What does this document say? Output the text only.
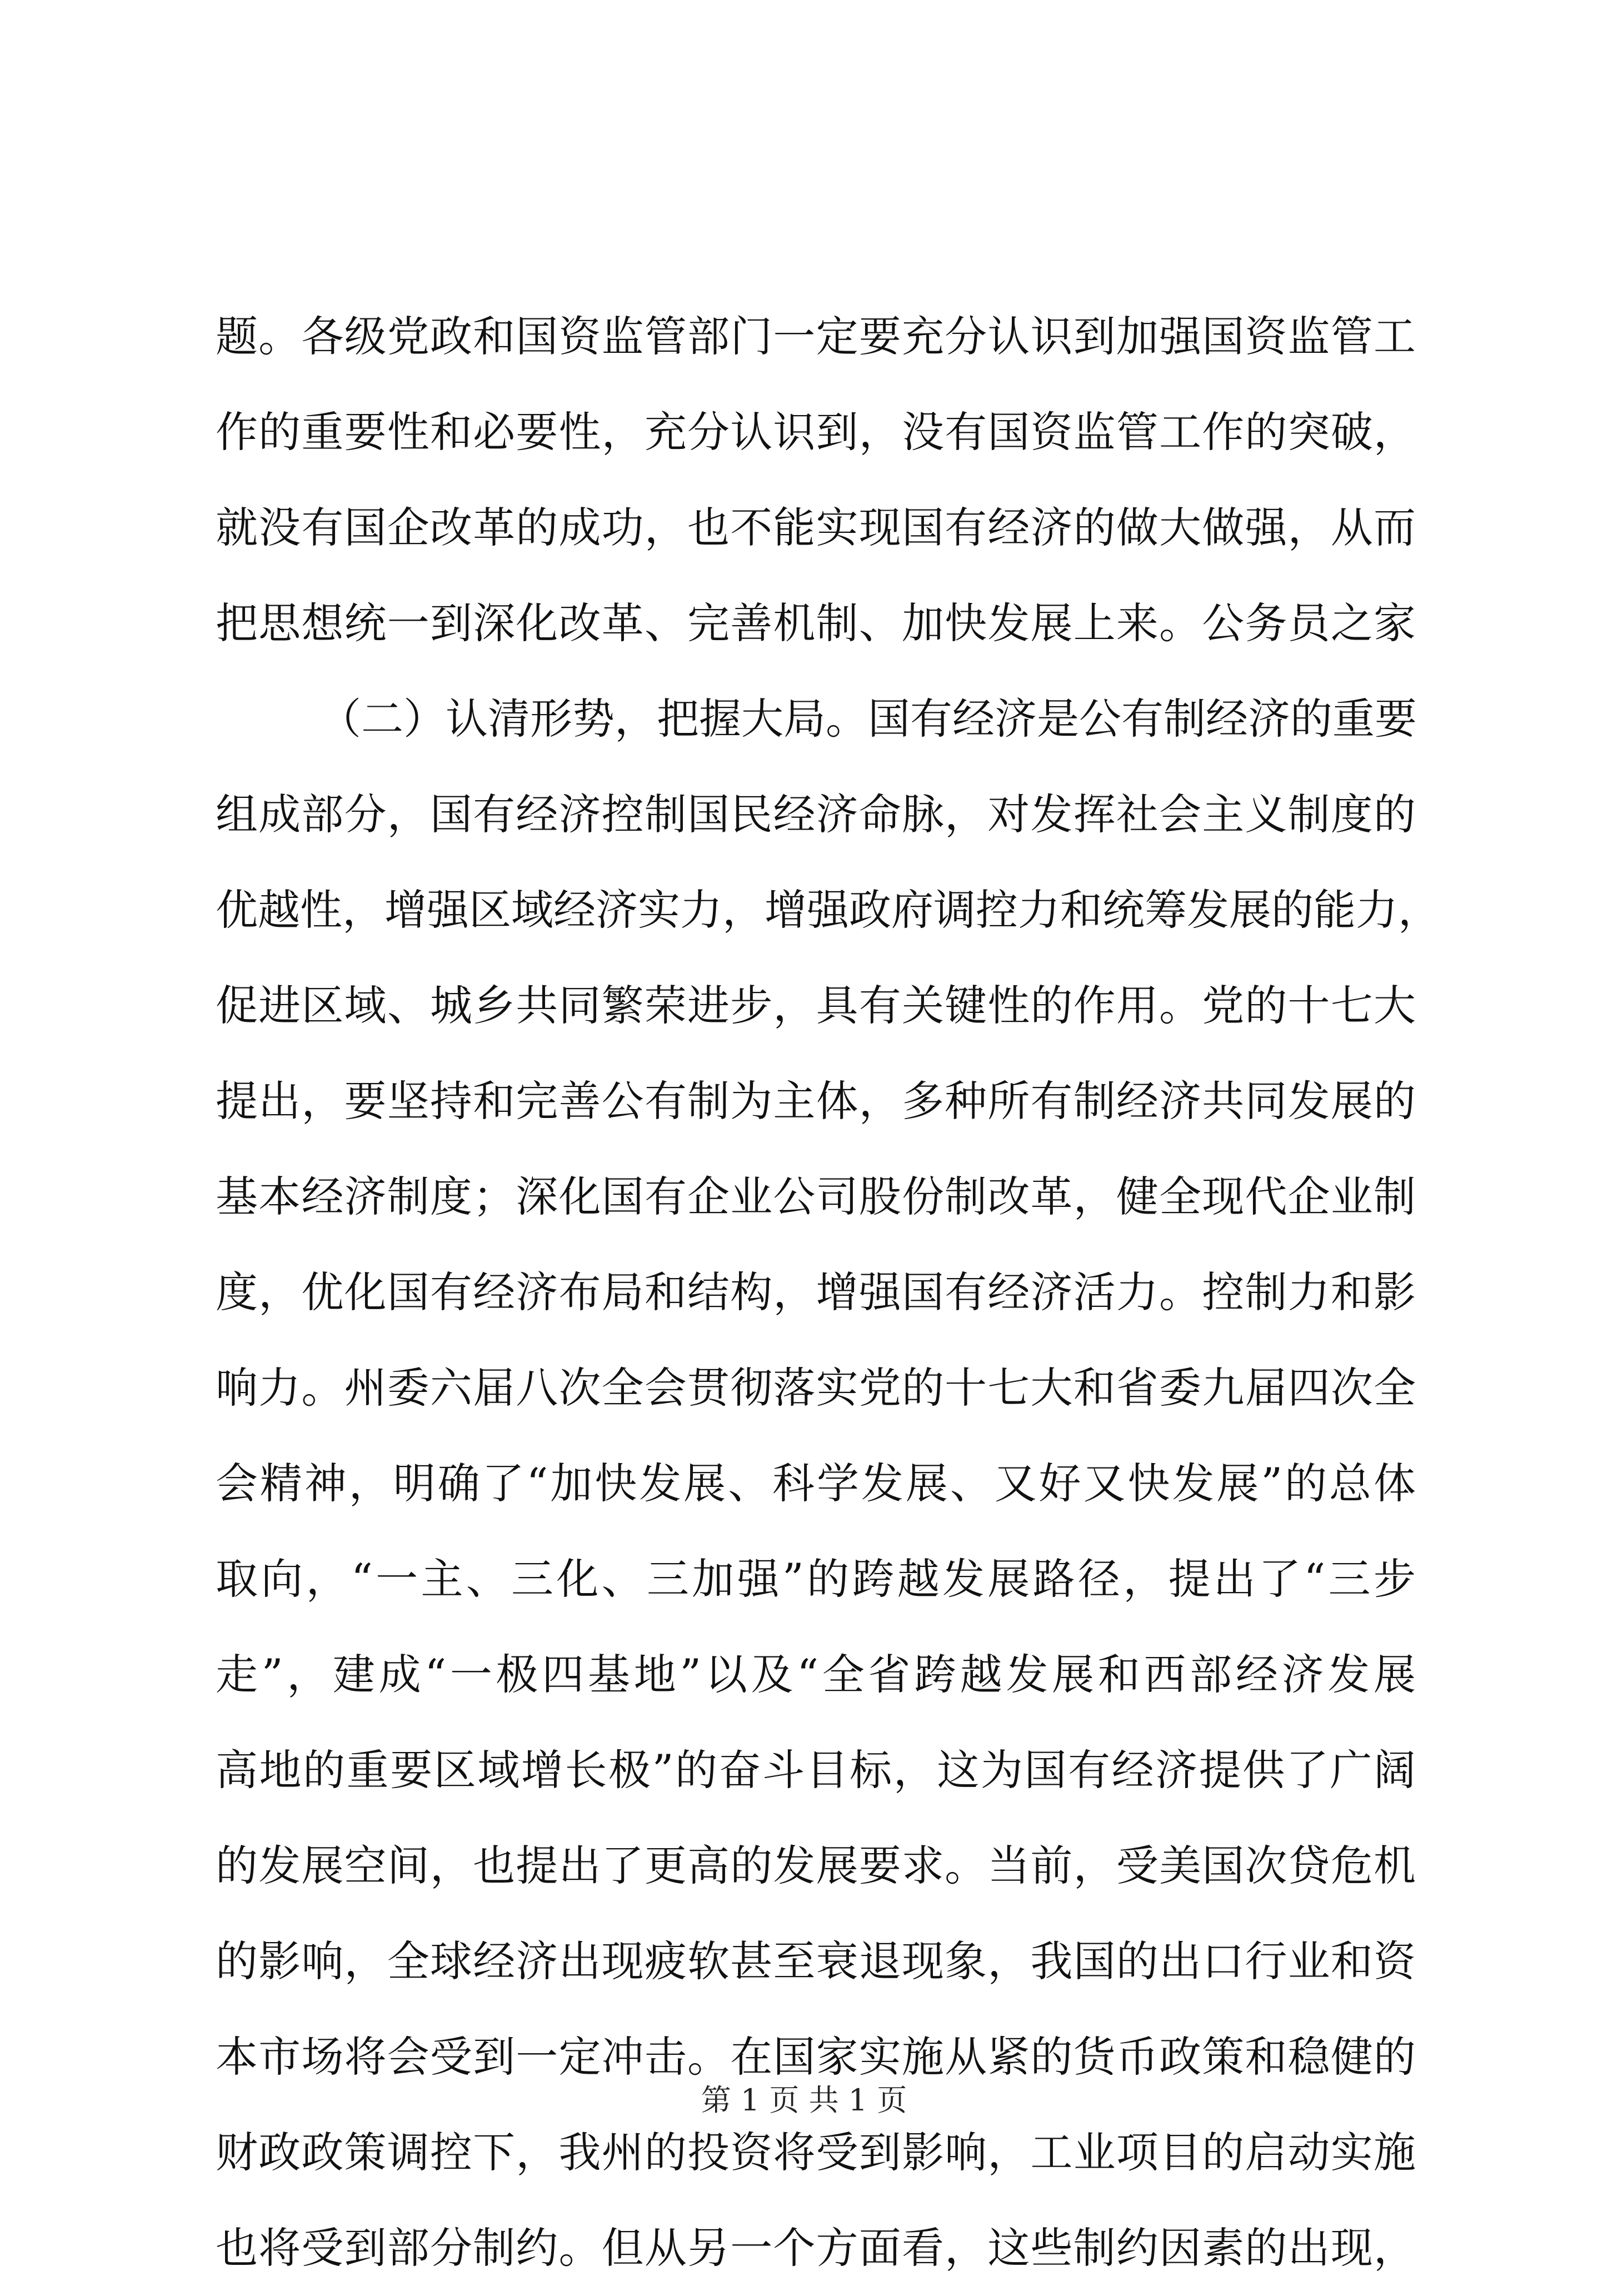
题。各级党政和国资监管部门一定要充分认识到加强国资监管工
作的重要性和必要性，充分认识到，没有国资监管工作的突破，
就没有国企改革的成功，也不能实现国有经济的做大做强，从而
把思想统一到深化改革、完善机制、加快发展上来。公务员之家
（二）认清形势，把握大局。国有经济是公有制经济的重要
组成部分，国有经济控制国民经济命脉，对发挥社会主义制度的
优越性，增强区域经济实力，增强政府调控力和统筹发展的能力，
促进区域、城乡共同繁荣进步，具有关键性的作用。党的十七大
提出，要坚持和完善公有制为主体，多种所有制经济共同发展的
基本经济制度；深化国有企业公司股份制改革，健全现代企业制
度，优化国有经济布局和结构，增强国有经济活力。控制力和影
响力。州委六届八次全会贯彻落实党的十七大和省委九届四次全
会精神，明确了“加快发展、科学发展、又好又快发展”的总体
取向，“一主、三化、三加强”的跨越发展路径，提出了“三步
走”，建成“一极四基地”以及“全省跨越发展和西部经济发展
高地的重要区域增长极”的奋斗目标，这为国有经济提供了广阔
的发展空间，也提出了更高的发展要求。当前，受美国次贷危机
的影响，全球经济出现疲软甚至衰退现象，我国的出口行业和资
本市场将会受到一定冲击。在国家实施从紧的货币政策和稳健的
财政政策调控下，我州的投资将受到影响，工业项目的启动实施
也将受到部分制约。但从另一个方面看，这些制约因素的出现，
第 1 页 共 1 页
